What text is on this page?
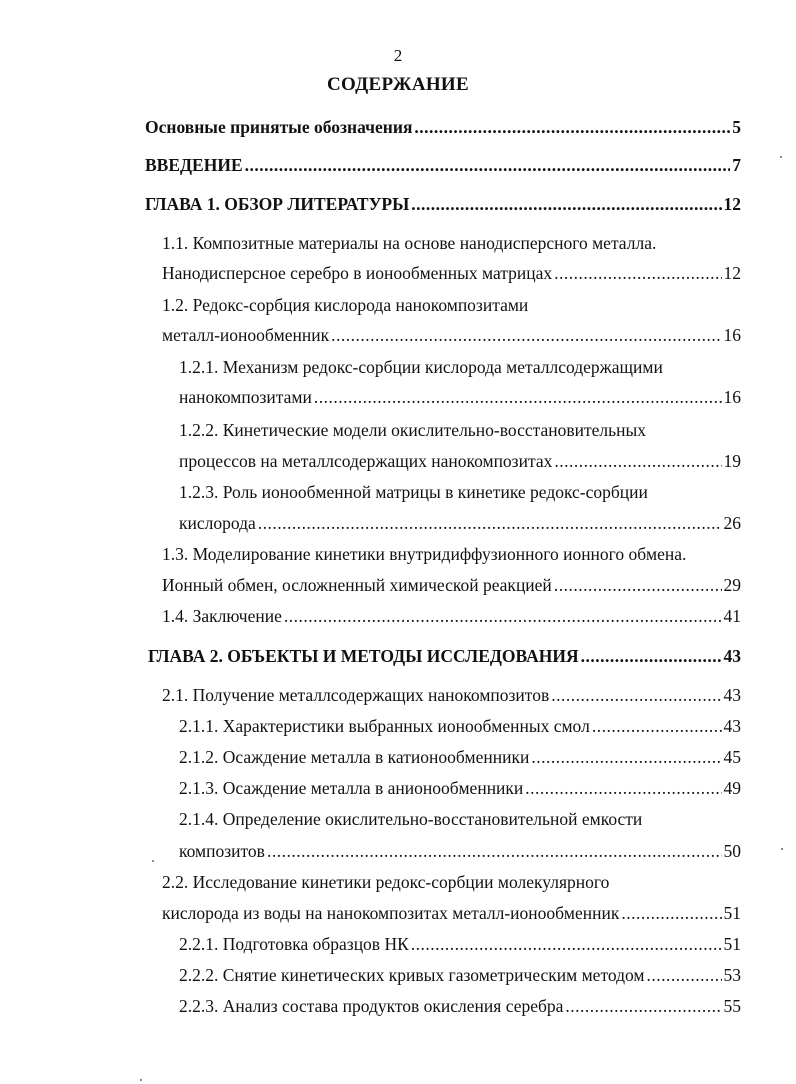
2
СОДЕРЖАНИЕ
Основные принятые обозначения .....	5
ВВЕДЕНИЕ .....	7
ГЛАВА 1. ОБЗОР ЛИТЕРАТУРЫ .....	12
1.1. Композитные материалы на основе нанодисперсного металла.
Нанодисперсное серебро в ионообменных матрицах .....	12
1.2. Редокс-сорбция кислорода нанокомпозитами
металл-ионообменник .....	16
1.2.1. Механизм редокс-сорбции кислорода металлсодержащими
нанокомпозитами .....	16
1.2.2. Кинетические модели окислительно-восстановительных
процессов на металлсодержащих нанокомпозитах .....	19
1.2.3. Роль ионообменной матрицы в кинетике редокс-сорбции
кислорода .....	26
1.3. Моделирование кинетики внутридиффузионного ионного обмена.
Ионный обмен, осложненный химической реакцией .....	29
1.4. Заключение .....	41
ГЛАВА 2. ОБЪЕКТЫ И МЕТОДЫ ИССЛЕДОВАНИЯ .....	43
2.1. Получение металлсодержащих нанокомпозитов .....	43
2.1.1. Характеристики выбранных ионообменных смол .....	43
2.1.2. Осаждение металла в катионообменники .....	45
2.1.3. Осаждение металла в анионообменники .....	49
2.1.4. Определение окислительно-восстановительной емкости
композитов .....	50
2.2. Исследование кинетики редокс-сорбции молекулярного
кислорода из воды на нанокомпозитах металл-ионообменник .....	51
2.2.1. Подготовка образцов НК .....	51
2.2.2. Снятие кинетических кривых газометрическим методом .....	53
2.2.3. Анализ состава продуктов окисления серебра .....	55
